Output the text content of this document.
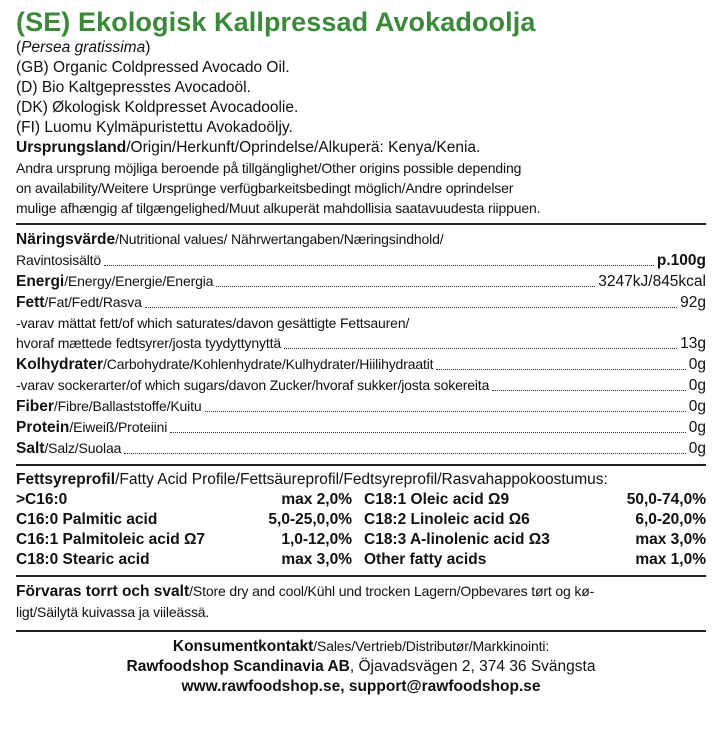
(SE) Ekologisk Kallpressad Avokadoolja
(Persea gratissima)
(GB) Organic Coldpressed Avocado Oil.
(D) Bio Kaltgepresstes Avocadoöl.
(DK) Økologisk Koldpresset Avocadoolie.
(FI) Luomu Kylmäpuristettu Avokadoöljy.
Ursprungsland/Origin/Herkunft/Oprindelse/Alkuperä: Kenya/Kenia.
Andra ursprung möjliga beroende på tillgänglighet/Other origins possible depending
on availability/Weitere Ursprünge verfügbarkeitsbedingt möglich/Andre oprindelser
mulige afhængig af tilgængelighed/Muut alkuperät mahdollisia saatavuudesta riippuen.
Näringsvärde/Nutritional values/ Nährwertangaben/Næringsindhold/
Ravintosisältö	p.100g
Energi/Energy/Energie/Energia	3247kJ/845kcal
Fett/Fat/Fedt/Rasva	92g
-varav mättat fett/of which saturates/davon gesättigte Fettsauren/
hvoraf mættede fedtsyrer/josta tyydyttynyttä	13g
Kolhydrater/Carbohydrate/Kohlenhydrate/Kulhydrater/Hiilihydraatit	0g
-varav sockerarter/of which sugars/davon Zucker/hvoraf sukker/josta sokereita	0g
Fiber/Fibre/Ballaststoffe/Kuitu	0g
Protein/Eiweiß/Proteiini	0g
Salt/Salz/Suolaa	0g
Fettsyreprofil/Fatty Acid Profile/Fettsäureprofil/Fedtsyreprofil/Rasvahappokoostumus:
>C16:0	max 2,0% C18:1 Oleic acid Ω9	50,0-74,0%
C16:0 Palmitic acid	5,0-25,0,0% C18:2 Linoleic acid Ω6	6,0-20,0%
C16:1 Palmitoleic acid Ω7	1,0-12,0% C18:3 A-linolenic acid Ω3	max 3,0%
C18:0 Stearic acid	max 3,0% Other fatty acids	max 1,0%
Förvaras torrt och svalt/Store dry and cool/Kühl und trocken Lagern/Opbevares tørt og kø-
ligt/Säilytä kuivassa ja viileässä.
Konsumentkontakt/Sales/Vertrieb/Distributør/Markkinointi:
Rawfoodshop Scandinavia AB, Öjavadsvägen 2, 374 36 Svängsta
www.rawfoodshop.se, support@rawfoodshop.se
